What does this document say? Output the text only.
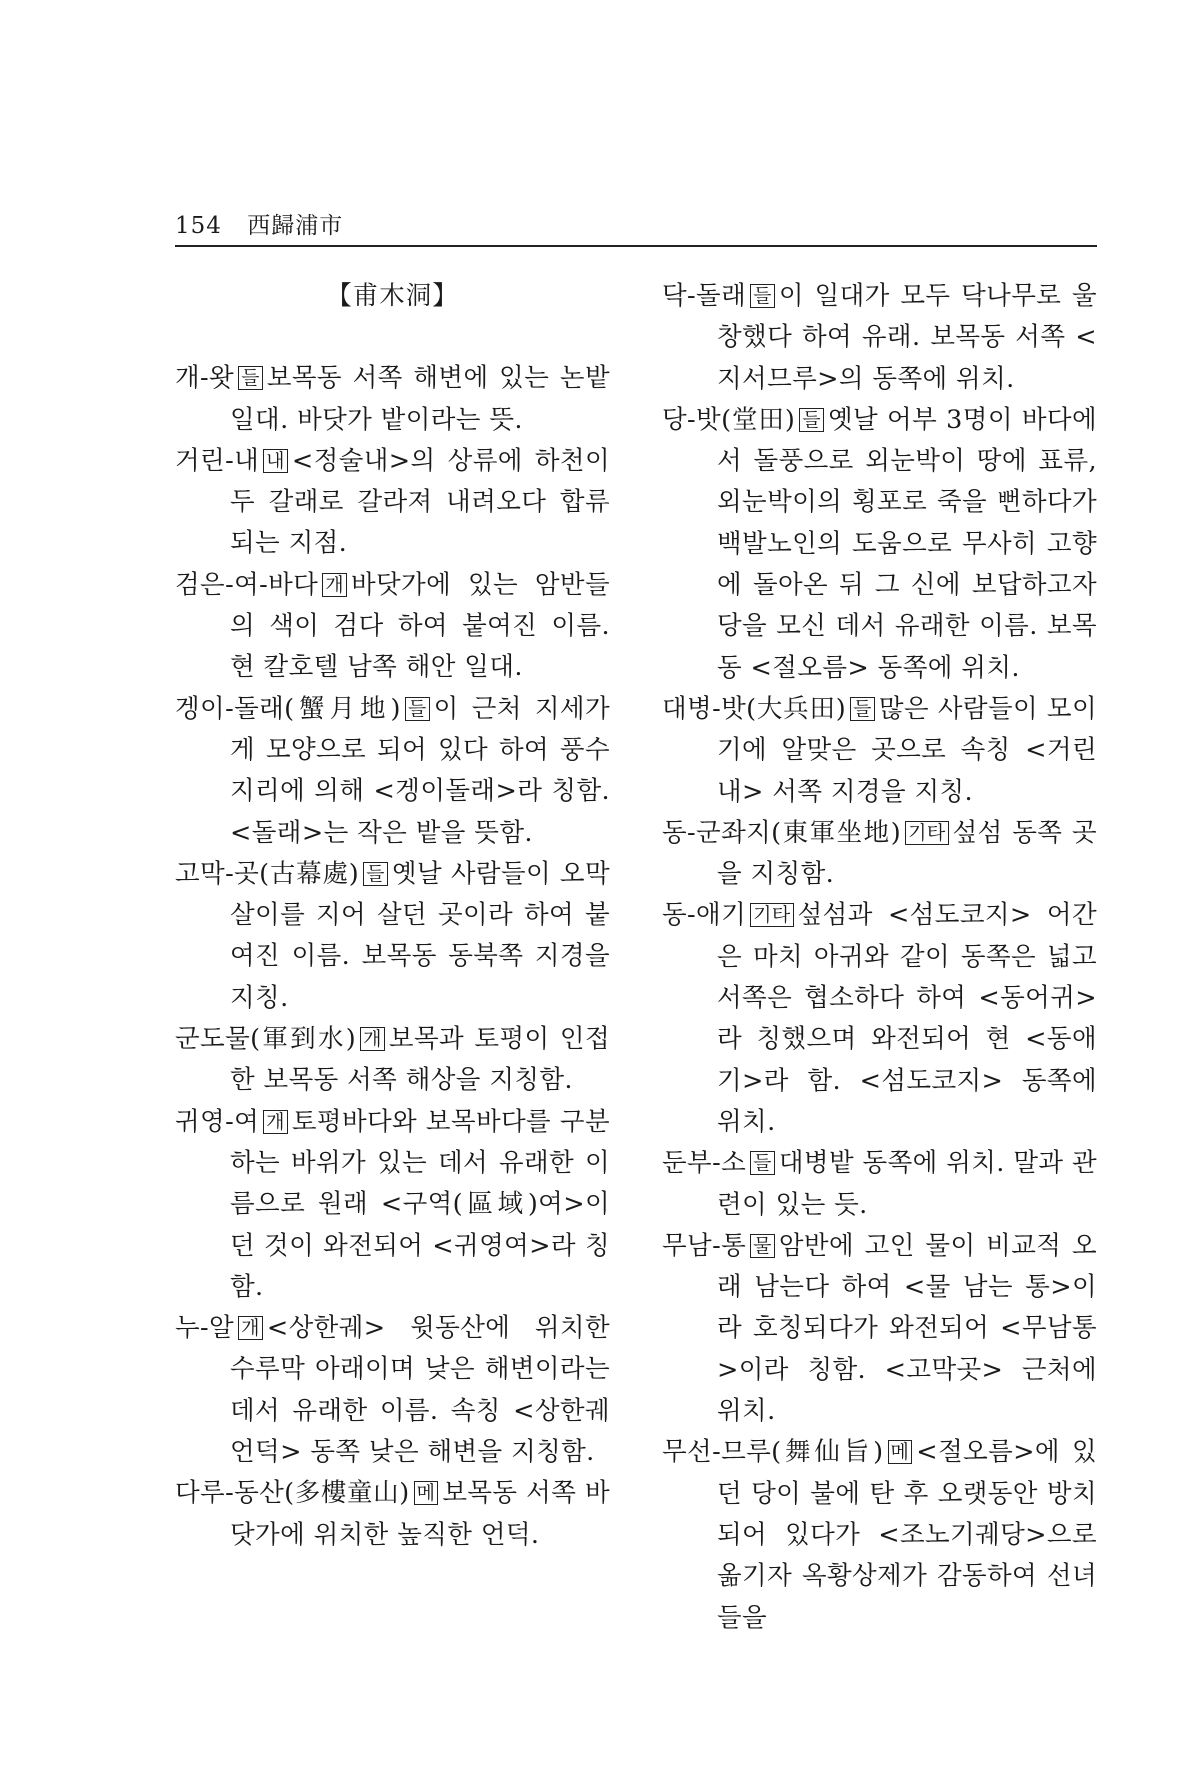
154 西歸浦市
【甫木洞】

개-왓 들 보목동 서쪽 해변에 있는 논밭 일대. 바닷가 밭이라는 뜻.

거린-내 내 <정술내>의 상류에 하천이 두 갈래로 갈라져 내려오다 합류되는 지점.

검은-여-바다 개 바닷가에 있는 암반들의 색이 검다 하여 붙여진 이름. 현 칼호텔 남쪽 해안 일대.

겡이-돌래(蟹月地) 들 이 근처 지세가 게 모양으로 되어 있다 하여 풍수지리에 의해 <겡이돌래>라 칭함. <돌래>는 작은 밭을 뜻함.

고막-곳(古幕處) 들 옛날 사람들이 오막살이를 지어 살던 곳이라 하여 붙여진 이름. 보목동 동북쪽 지경을 지칭.

군도물(軍到水) 개 보목과 토평이 인접한 보목동 서쪽 해상을 지칭함.

귀영-여 개 토평바다와 보목바다를 구분하는 바위가 있는 데서 유래한 이름으로 원래 <구역(區域)여>이던 것이 와전되어 <귀영여>라 칭함.

누-알 개 <상한궤> 윗동산에 위치한 수루막 아래이며 낮은 해변이라는 데서 유래한 이름. 속칭 <상한궤언덕> 동쪽 낮은 해변을 지칭함.

다루-동산(多樓童山) 메 보목동 서쪽 바닷가에 위치한 높직한 언덕.

닥-돌래 들 이 일대가 모두 닥나무로 울창했다 하여 유래. 보목동 서쪽 <지서므루>의 동쪽에 위치.

당-밧(堂田) 들 옛날 어부 3명이 바다에서 돌풍으로 외눈박이 땅에 표류, 외눈박이의 횡포로 죽을 뻔하다가 백발노인의 도움으로 무사히 고향에 돌아온 뒤 그 신에 보답하고자 당을 모신 데서 유래한 이름. 보목동 <절오름> 동쪽에 위치.

대병-밧(大兵田) 들 많은 사람들이 모이기에 알맞은 곳으로 속칭 <거린내> 서쪽 지경을 지칭.

동-군좌지(東軍坐地) 기타 섶섬 동쪽 곳을 지칭함.

동-애기 기타 섶섬과 <섬도코지> 어간은 마치 아귀와 같이 동쪽은 넓고 서쪽은 협소하다 하여 <동어귀>라 칭했으며 와전되어 현 <동애기>라 함. <섬도코지> 동쪽에 위치.

둔부-소 들 대병밭 동쪽에 위치. 말과 관련이 있는 듯.

무남-통 물 암반에 고인 물이 비교적 오래 남는다 하여 <물 남는 통>이라 호칭되다가 와전되어 <무남통>이라 칭함. <고막곳> 근처에 위치.

무선-므루(舞仙旨) 메 <절오름>에 있던 당이 불에 탄 후 오랫동안 방치되어 있다가 <조노기궤당>으로 옮기자 옥황상제가 감동하여 선녀들을
